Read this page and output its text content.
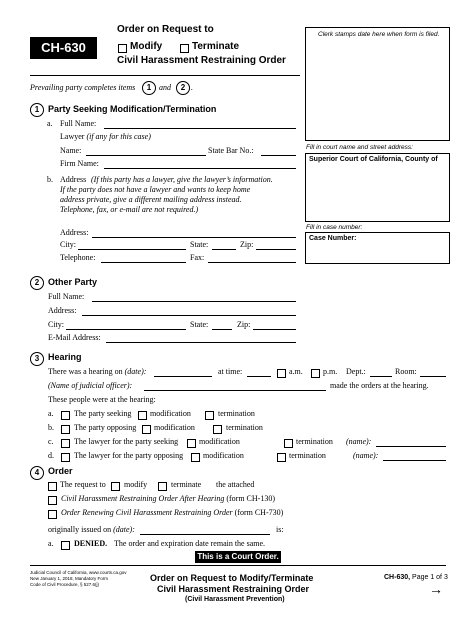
CH-630
Order on Request to
Modify	Terminate
Civil Harassment Restraining Order
Clerk stamps date here when form is filed.
Fill in court name and street address:
Superior Court of California, County of
Fill in case number:
Case Number:
Prevailing party completes items	1 and	2 .
1 Party Seeking Modification/Termination
a. Full Name:
Lawyer (if any for this case)
Name:	State Bar No.:
Firm Name:
b. Address (If this party has a lawyer, give the lawyer’s information.
If the party does not have a lawyer and wants to keep home
address private, give a different mailing address instead.
Telephone, fax, or e-mail are not required.)
Address:
City:	State:	Zip:
Telephone:	Fax:
2 Other Party
Full Name:
Address:
City:	State:	Zip:
E-Mail Address:
3 Hearing
There was a hearing on (date):	at time:	a.m.	p.m. Dept.:	Room:
(Name of judicial officer):	made the orders at the hearing.
These people were at the hearing:
a.	The party seeking modification	termination
b.	The party opposing modification	termination
c.	The lawyer for the party seeking	modification	termination (name):
d.	The lawyer for the party opposing modification	termination	(name):
4 Order
The request to modify	terminate the attached
Civil Harassment Restraining Order After Hearing (form CH-130)
Order Renewing Civil Harassment Restraining Order (form CH-730)
originally issued on (date):	is:
a.	DENIED. The order and expiration date remain the same.
This is a Court Order.
Judicial Council of California, www.courts.ca.gov
New January 1, 2018, Mandatory Form
Code of Civil Procedure, § 527.6(j)
Order on Request to Modify/Terminate
Civil Harassment Restraining Order
(Civil Harassment Prevention)
CH-630, Page 1 of 3
→
